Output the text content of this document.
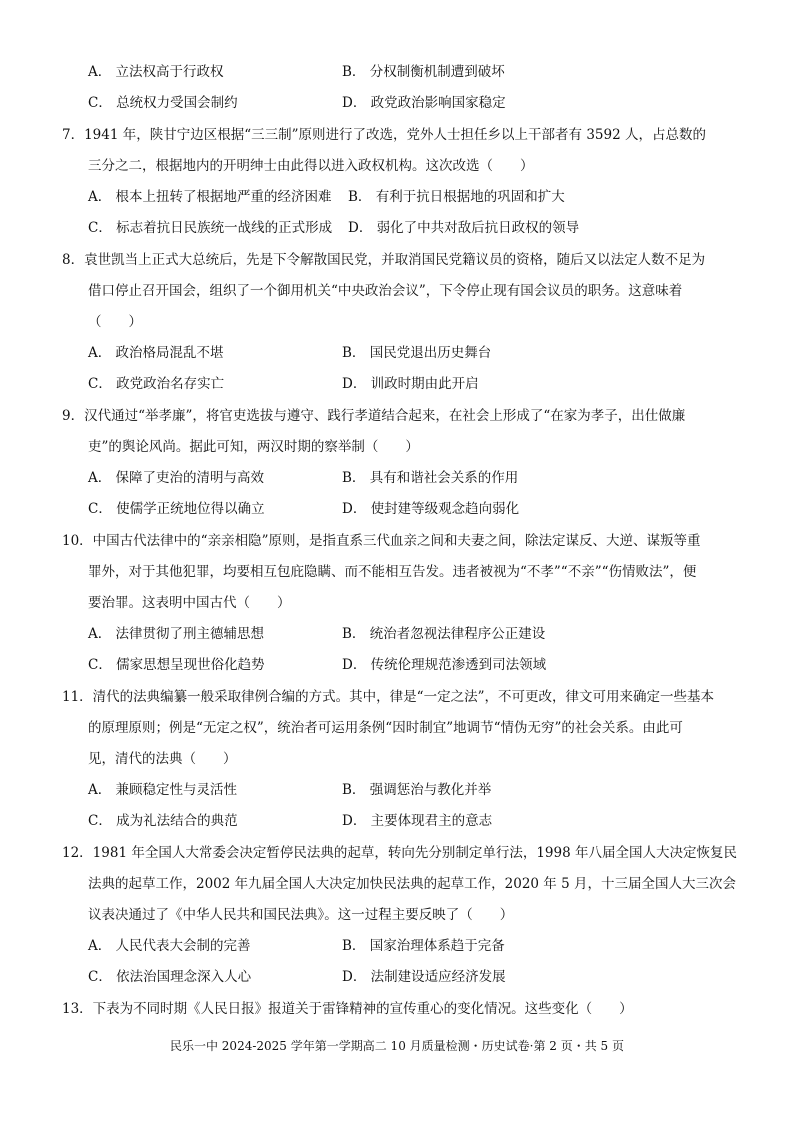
A． 立法权高于行政权	B． 分权制衡机制遭到破坏
C． 总统权力受国会制约	D． 政党政治影响国家稳定
7．1941 年，陕甘宁边区根据“三三制”原则进行了改选，党外人士担任乡以上干部者有 3592 人，占总数的
三分之二，根据地内的开明绅士由此得以进入政权机构。这次改选（　　）
A． 根本上扭转了根据地严重的经济困难 B． 有利于抗日根据地的巩固和扩大
C． 标志着抗日民族统一战线的正式形成 D． 弱化了中共对敌后抗日政权的领导
8．袁世凯当上正式大总统后，先是下令解散国民党，并取消国民党籍议员的资格，随后又以法定人数不足为
借口停止召开国会，组织了一个御用机关“中央政治会议”，下令停止现有国会议员的职务。这意味着
（　　）
A． 政治格局混乱不堪	B． 国民党退出历史舞台
C． 政党政治名存实亡	D． 训政时期由此开启
9．汉代通过“举孝廉”，将官吏选拔与遵守、践行孝道结合起来，在社会上形成了“在家为孝子，出仕做廉
吏”的舆论风尚。据此可知，两汉时期的察举制（　　）
A． 保障了吏治的清明与高效	B． 具有和谐社会关系的作用
C． 使儒学正统地位得以确立	D． 使封建等级观念趋向弱化
10．中国古代法律中的“亲亲相隐”原则，是指直系三代血亲之间和夫妻之间，除法定谋反、大逆、谋叛等重
罪外，对于其他犯罪，均要相互包庇隐瞒、而不能相互告发。违者被视为“不孝”“不亲”“伤情败法”，便
要治罪。这表明中国古代（　　）
A． 法律贯彻了刑主德辅思想	B． 统治者忽视法律程序公正建设
C． 儒家思想呈现世俗化趋势	D． 传统伦理规范渗透到司法领域
11．清代的法典编纂一般采取律例合编的方式。其中，律是“一定之法”，不可更改，律文可用来确定一些基本
的原理原则；例是“无定之权”，统治者可运用条例“因时制宜”地调节“情伪无穷”的社会关系。由此可
见，清代的法典（　　）
A． 兼顾稳定性与灵活性	B． 强调惩治与教化并举
C． 成为礼法结合的典范	D． 主要体现君主的意志
12．1981 年全国人大常委会决定暂停民法典的起草，转向先分别制定单行法，1998 年八届全国人大决定恢复民
法典的起草工作，2002 年九届全国人大决定加快民法典的起草工作，2020 年 5 月，十三届全国人大三次会
议表决通过了《中华人民共和国民法典》。这一过程主要反映了（　　）
A． 人民代表大会制的完善	B． 国家治理体系趋于完备
C． 依法治国理念深入人心	D． 法制建设适应经济发展
13．下表为不同时期《人民日报》报道关于雷锋精神的宣传重心的变化情况。这些变化（　　）
民乐一中 2024-2025 学年第一学期高二 10 月质量检测・历史试卷·第 2 页・共 5 页
